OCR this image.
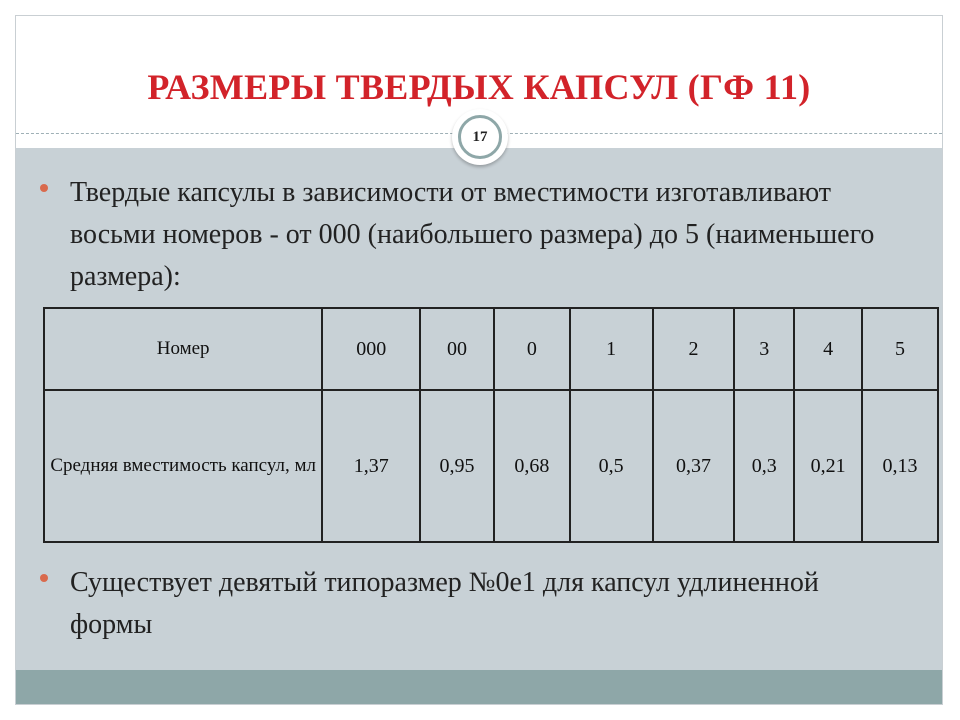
РАЗМЕРЫ ТВЕРДЫХ КАПСУЛ (ГФ 11)
17
Твердые капсулы в зависимости от вместимости изготавливают восьми номеров - от 000 (наибольшего размера) до 5 (наименьшего размера):
Номер	000	00	0	1	2	3	4	5
Средняя вместимость капсул, мл	1,37	0,95	0,68	0,5	0,37	0,3	0,21	0,13
Существует девятый типоразмер №0е1 для капсул удлиненной формы
